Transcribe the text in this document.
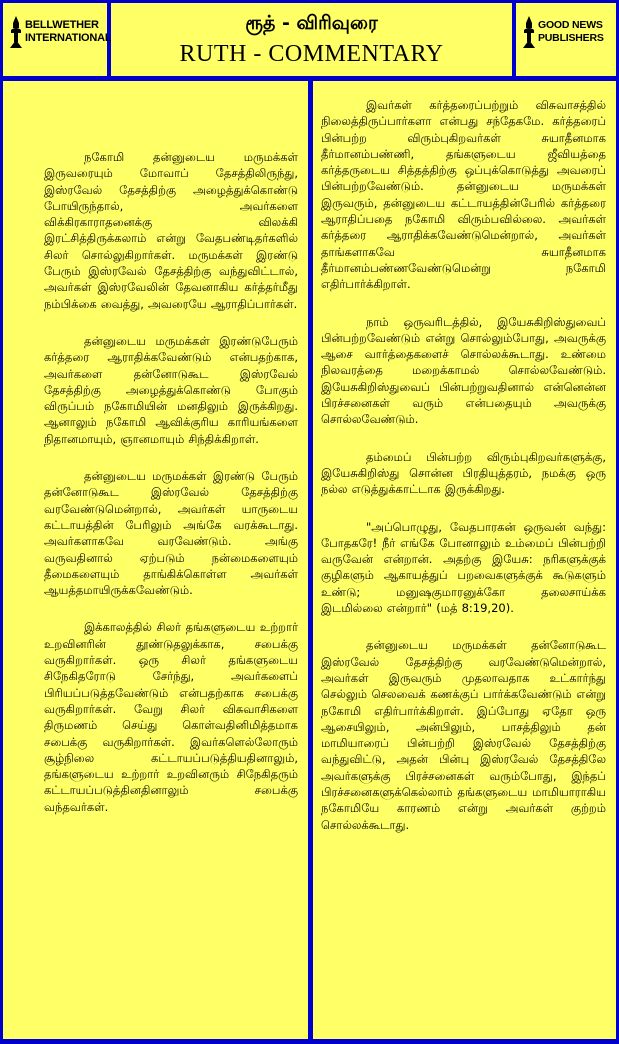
BELLWETHER
INTERNATIONAL
ரூத் - விரிவுரை
RUTH - COMMENTARY
GOOD NEWS
PUBLISHERS

நகோமி தன்னுடைய மருமக்கள் இருவரையும் மோவாப் தேசத்திலிருந்து, இஸ்ரவேல் தேசத்திற்கு அழைத்துக்கொண்டு போயிருந்தால், அவர்களை விக்கிரகாராதனைக்கு விலக்கி இரட்சித்திருக்கலாம் என்று வேதபண்டிதர்களில் சிலர் சொல்லுகிறார்கள். மருமக்கள் இரண்டு பேரும் இஸ்ரவேல் தேசத்திற்கு வந்துவிட்டால், அவர்கள் இஸ்ரவேலின் தேவனாகிய கர்த்தர்மீது நம்பிக்கை வைத்து, அவரையே ஆராதிப்பார்கள்.

தன்னுடைய மருமக்கள் இரண்டுபேரும் கர்த்தரை ஆராதிக்கவேண்டும் என்பதற்காக, அவர்களை தன்னோடுகூட இஸ்ரவேல் தேசத்திற்கு அழைத்துக்கொண்டு போகும் விருப்பம் நகோமியின் மனதிலும் இருக்கிறது. ஆனாலும் நகோமி ஆவிக்குரிய காரியங்களை நிதானமாயும், ஞானமாயும் சிந்திக்கிறாள்.

தன்னுடைய மருமக்கள் இரண்டு பேரும் தன்னோடுகூட இஸ்ரவேல் தேசத்திற்கு வரவேண்டுமென்றால், அவர்கள் யாருடைய கட்டாயத்தின் பேரிலும் அங்கே வரக்கூடாது. அவர்களாகவே வரவேண்டும். அங்கு வருவதினால் ஏற்படும் நன்மைகளையும் தீமைகளையும் தாங்கிக்கொள்ள அவர்கள் ஆயத்தமாயிருக்கவேண்டும்.

இக்காலத்தில் சிலர் தங்களுடைய உற்றார் உறவினரின் தூண்டுதலுக்காக, சபைக்கு வருகிறார்கள். ஒரு சிலர் தங்களுடைய சிநேகிதரோடு சேர்ந்து, அவர்களைப் பிரியப்படுத்தவேண்டும் என்பதற்காக சபைக்கு வருகிறார்கள். வேறு சிலர் விசுவாசிகளை திருமணம் செய்து கொள்வதினிமித்தமாக சபைக்கு வருகிறார்கள். இவர்களெல்லோரும் சூழ்நிலை கட்டாயப்படுத்தியதினாலும், தங்களுடைய உற்றார் உறவினரும் சிநேகிதரும் கட்டாயப்படுத்தினதினாலும் சபைக்கு வந்தவர்கள்.

இவர்கள் கர்த்தரைப்பற்றும் விசுவாசத்தில் நிலைத்திருப்பார்களா என்பது சந்தேகமே. கர்த்தரைப் பின்பற்ற விரும்புகிறவர்கள் சுயாதீனமாக தீர்மானம்பண்ணி, தங்களுடைய ஜீவியத்தை கர்த்தருடைய சித்தத்திற்கு ஒப்புக்கொடுத்து அவரைப் பின்பற்றவேண்டும். தன்னுடைய மருமக்கள் இருவரும், தன்னுடைய கட்டாயத்தின்பேரில் கர்த்தரை ஆராதிப்பதை நகோமி விரும்பவில்லை. அவர்கள் கர்த்தரை ஆராதிக்கவேண்டுமென்றால், அவர்கள் தாங்களாகவே சுயாதீனமாக தீர்மானம்பண்ணவேண்டுமென்று நகோமி எதிர்பார்க்கிறாள்.

நாம் ஒருவரிடத்தில், இயேசுகிறிஸ்துவைப் பின்பற்றவேண்டும் என்று சொல்லும்போது, அவருக்கு ஆசை வார்த்தைகளைச் சொல்லக்கூடாது. உண்மை நிலவரத்தை மறைக்காமல் சொல்லவேண்டும். இயேசுகிறிஸ்துவைப் பின்பற்றுவதினால் என்னென்ன பிரச்சனைகள் வரும் என்பதையும் அவருக்கு சொல்லவேண்டும்.

தம்மைப் பின்பற்ற விரும்புகிறவர்களுக்கு, இயேசுகிறிஸ்து சொன்ன பிரதியுத்தரம், நமக்கு ஒரு நல்ல எடுத்துக்காட்டாக இருக்கிறது.

"அப்பொழுது, வேதபாரகன் ஒருவன் வந்து: போதகரே! நீர் எங்கே போனாலும் உம்மைப் பின்பற்றி வருவேன் என்றான். அதற்கு இயேசு: நரிகளுக்குக் குழிகளும் ஆகாயத்துப் பறவைகளுக்குக் கூடுகளும் உண்டு; மனுஷகுமாரனுக்கோ தலைசாய்க்க இடமில்லை என்றார்" (மத் 8:19,20).

தன்னுடைய மருமக்கள் தன்னோடுகூட இஸ்ரவேல் தேசத்திற்கு வரவேண்டுமென்றால், அவர்கள் இருவரும் முதலாவதாக உட்கார்ந்து செல்லும் செலவைக் கணக்குப் பார்க்கவேண்டும் என்று நகோமி எதிர்பார்க்கிறாள். இப்போது ஏதோ ஒரு ஆசையிலும், அன்பிலும், பாசத்திலும் தன் மாமியாரைப் பின்பற்றி இஸ்ரவேல் தேசத்திற்கு வந்துவிட்டு, அதன் பின்பு இஸ்ரவேல் தேசத்திலே அவர்களுக்கு பிரச்சனைகள் வரும்போது, இந்தப் பிரச்சனைகளுக்கெல்லாம் தங்களுடைய மாமியாராகிய நகோமியே காரணம் என்று அவர்கள் குற்றம் சொல்லக்கூடாது.
